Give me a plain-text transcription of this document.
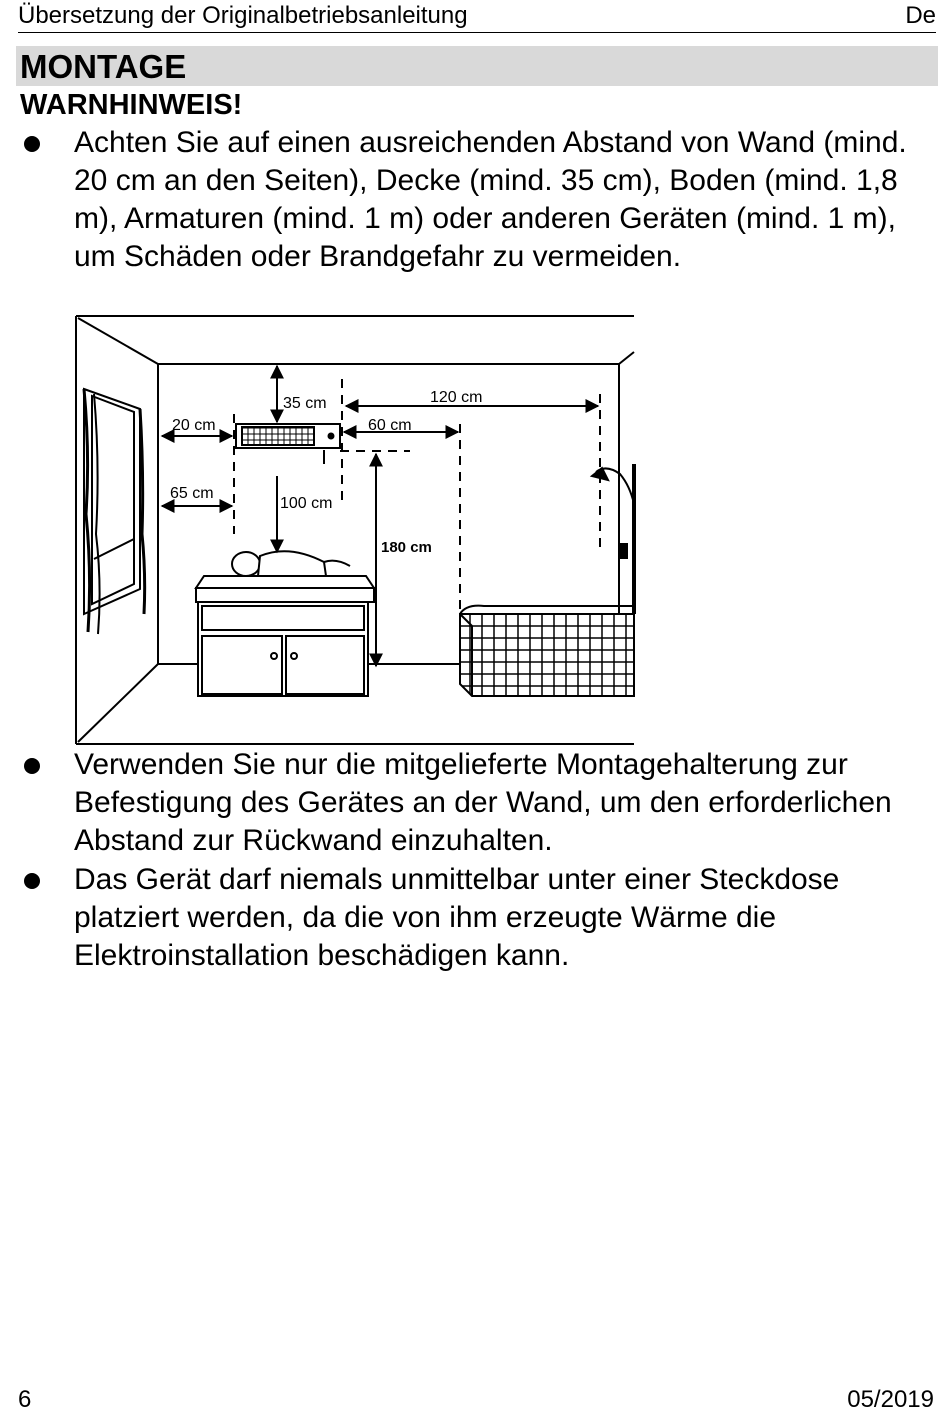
Übersetzung der Originalbetriebsanleitung	De
MONTAGE
WARNHINWEIS!
Achten Sie auf einen ausreichenden Abstand von Wand (mind. 20 cm an den Seiten), Decke (mind. 35 cm), Boden (mind. 1,8 m), Armaturen (mind. 1 m) oder anderen Geräten (mind. 1 m), um Schäden oder Brandgefahr zu vermeiden.
20 cm
35 cm
60 cm
120 cm
65 cm
100 cm
180 cm
Verwenden Sie nur die mitgelieferte Montagehalterung zur Befestigung des Gerätes an der Wand, um den erforderlichen Abstand zur Rückwand einzuhalten.
Das Gerät darf niemals unmittelbar unter einer Steckdose platziert werden, da die von ihm erzeugte Wärme die Elektroinstallation beschädigen kann.
6	05/2019
